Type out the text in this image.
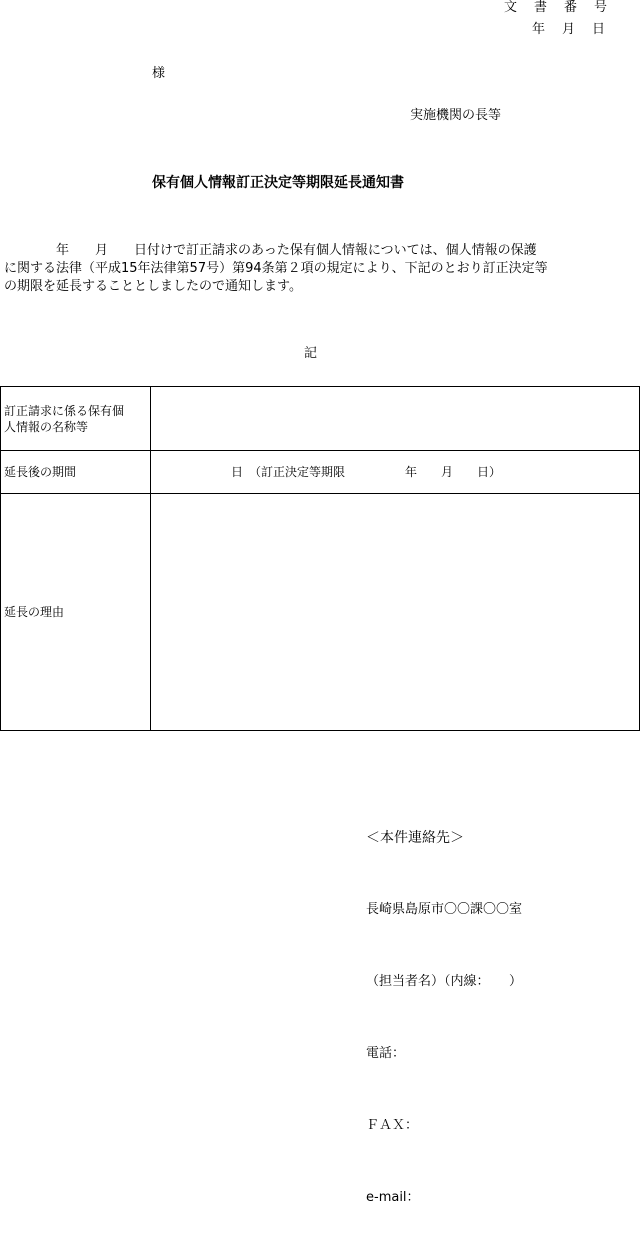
文　書　番　号
年　月　日
様
実施機関の長等
保有個人情報訂正決定等期限延長通知書
　　　　年　　月　　日付けで訂正請求のあった保有個人情報については、個人情報の保護
に関する法律（平成15年法律第57号）第94条第２項の規定により、下記のとおり訂正決定等
の期限を延長することとしましたので通知します。
記
訂正請求に係る保有個
人情報の名称等	
延長後の期間	日　（訂正決定等期限　　　　　年　　月　　日）
延長の理由	

＜本件連絡先＞

長崎県島原市〇〇課〇〇室

（担当者名）（内線：　　）

電話：

ＦＡＸ：

e-mail：
